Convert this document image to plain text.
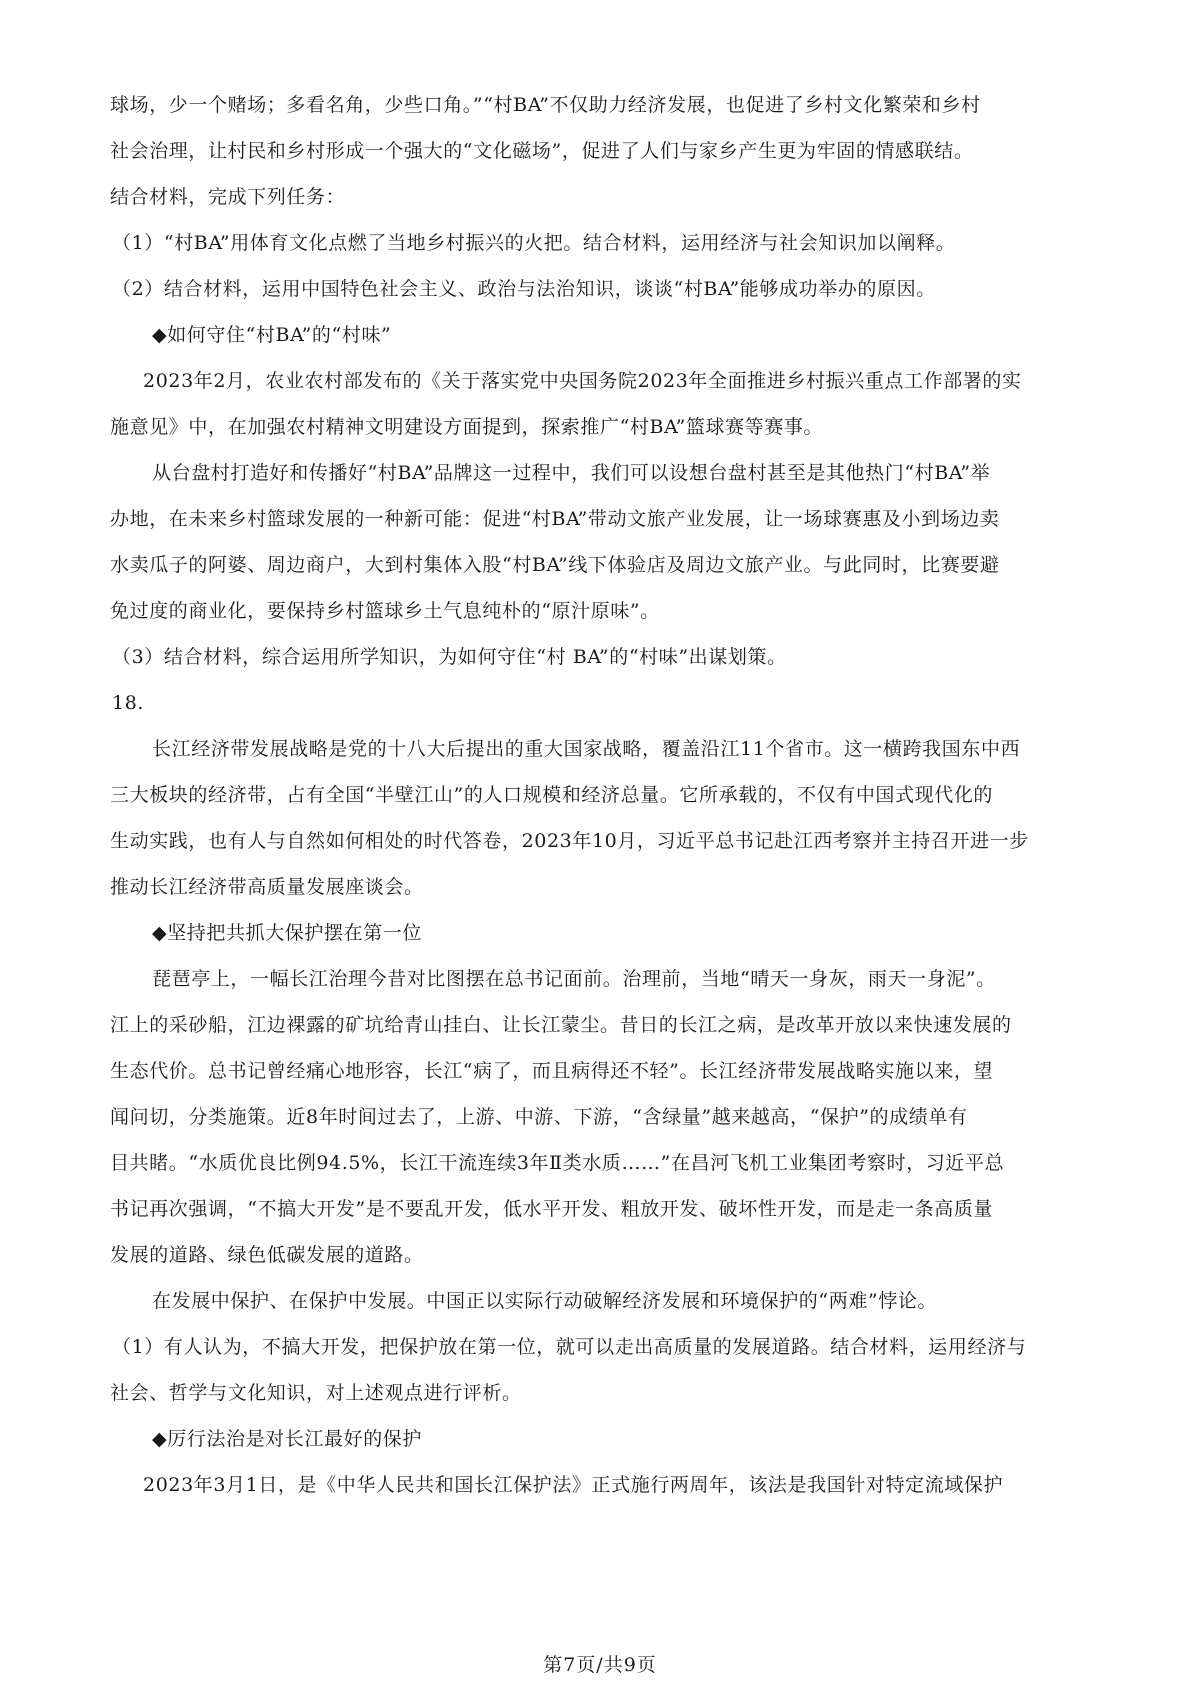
球场，少一个赌场；多看名角，少些口角。”“村BA”不仅助力经济发展，也促进了乡村文化繁荣和乡村
社会治理，让村民和乡村形成一个强大的“文化磁场”，促进了人们与家乡产生更为牢固的情感联结。
结合材料，完成下列任务：
（1）“村BA”用体育文化点燃了当地乡村振兴的火把。结合材料，运用经济与社会知识加以阐释。
（2）结合材料，运用中国特色社会主义、政治与法治知识，谈谈“村BA”能够成功举办的原因。
◆如何守住“村BA”的“村味”
2023年2月，农业农村部发布的《关于落实党中央国务院2023年全面推进乡村振兴重点工作部署的实
施意见》中，在加强农村精神文明建设方面提到，探索推广“村BA”篮球赛等赛事。
从台盘村打造好和传播好“村BA”品牌这一过程中，我们可以设想台盘村甚至是其他热门“村BA”举
办地，在未来乡村篮球发展的一种新可能：促进“村BA”带动文旅产业发展，让一场球赛惠及小到场边卖
水卖瓜子的阿婆、周边商户，大到村集体入股“村BA”线下体验店及周边文旅产业。与此同时，比赛要避
免过度的商业化，要保持乡村篮球乡土气息纯朴的“原汁原味”。
（3）结合材料，综合运用所学知识，为如何守住“村 BA”的“村味”出谋划策。
18.
长江经济带发展战略是党的十八大后提出的重大国家战略，覆盖沿江11个省市。这一横跨我国东中西
三大板块的经济带，占有全国“半壁江山”的人口规模和经济总量。它所承载的，不仅有中国式现代化的
生动实践，也有人与自然如何相处的时代答卷，2023年10月，习近平总书记赴江西考察并主持召开进一步
推动长江经济带高质量发展座谈会。
◆坚持把共抓大保护摆在第一位
琵琶亭上，一幅长江治理今昔对比图摆在总书记面前。治理前，当地“晴天一身灰，雨天一身泥”。
江上的采砂船，江边裸露的矿坑给青山挂白、让长江蒙尘。昔日的长江之病，是改革开放以来快速发展的
生态代价。总书记曾经痛心地形容，长江“病了，而且病得还不轻”。长江经济带发展战略实施以来，望
闻问切，分类施策。近8年时间过去了，上游、中游、下游，“含绿量”越来越高，“保护”的成绩单有
目共睹。“水质优良比例94.5%，长江干流连续3年Ⅱ类水质……”在昌河飞机工业集团考察时，习近平总
书记再次强调，“不搞大开发”是不要乱开发，低水平开发、粗放开发、破坏性开发，而是走一条高质量
发展的道路、绿色低碳发展的道路。
在发展中保护、在保护中发展。中国正以实际行动破解经济发展和环境保护的“两难”悖论。
（1）有人认为，不搞大开发，把保护放在第一位，就可以走出高质量的发展道路。结合材料，运用经济与
社会、哲学与文化知识，对上述观点进行评析。
◆厉行法治是对长江最好的保护
2023年3月1日，是《中华人民共和国长江保护法》正式施行两周年，该法是我国针对特定流域保护
第7页/共9页
